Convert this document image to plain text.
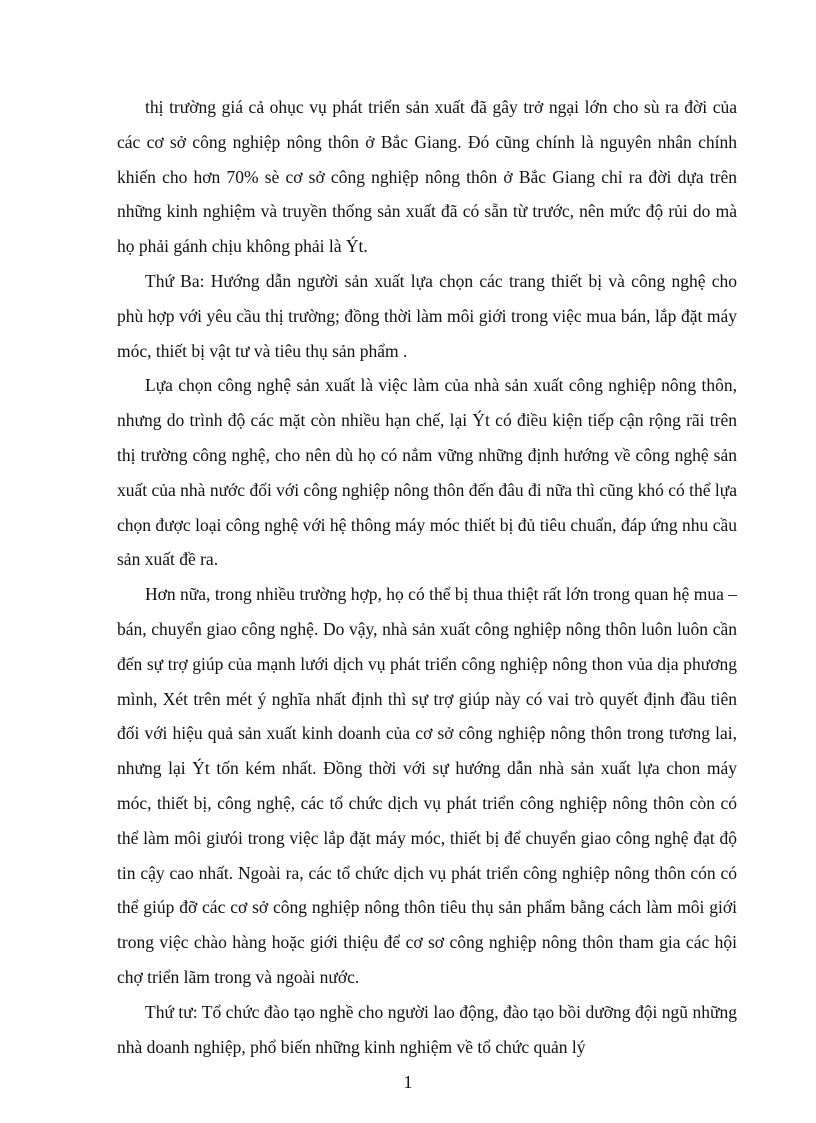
thị trường giá cả ohục vụ phát triển sản xuất đã gây trở ngại lớn cho sù ra đời của các cơ sở công nghiệp nông thôn ở Bắc Giang. Đó cũng chính là nguyên nhân chính khiến cho hơn 70% sè cơ sở công nghiệp nông thôn ở Bắc Giang chỉ ra đời dựa trên những kinh nghiệm và truyền thống sản xuất đã có sẵn từ trước, nên mức độ rủi do mà họ phải gánh chịu không phải là Ýt.

Thứ Ba: Hướng dẫn người sản xuất lựa chọn các trang thiết bị và công nghệ cho phù hợp với yêu cầu thị trường; đồng thời làm môi giới trong việc mua bán, lắp đặt máy móc, thiết bị vật tư và tiêu thụ sản phẩm .

Lựa chọn công nghệ sản xuất là việc làm của nhà sản xuất công nghiệp nông thôn, nhưng do trình độ các mặt còn nhiều hạn chế, lại Ýt có điều kiện tiếp cận rộng rãi trên thị trường công nghệ, cho nên dù họ có nắm vững những định hướng về công nghệ sản xuất của nhà nước đối với công nghiệp nông thôn đến đâu đi nữa thì cũng khó có thể lựa chọn được loại công nghệ với hệ thông máy móc thiết bị đủ tiêu chuẩn, đáp ứng nhu cầu sản xuất đề ra.

Hơn nữa, trong nhiều trường hợp, họ có thể bị thua thiệt rất lớn trong quan hệ mua – bán, chuyển giao công nghệ. Do vậy, nhà sản xuất công nghiệp nông thôn luôn luôn cần đến sự trợ giúp của mạnh lưới dịch vụ phát triển công nghiệp nông thon vủa dịa phương mình, Xét trên mét ý nghĩa nhất định thì sự trợ giúp này có vai trò quyết định đầu tiên đối với hiệu quả sản xuất kinh doanh của cơ sở công nghiệp nông thôn trong tương lai, nhưng lại Ýt tốn kém nhất. Đồng thời với sự hướng dẫn nhà sản xuất lựa chon máy móc, thiết bị, công nghệ, các tổ chức dịch vụ phát triển công nghiệp nông thôn còn có thể làm môi giưói trong việc lắp đặt máy móc, thiết bị để chuyển giao công nghệ đạt độ tin cậy cao nhất. Ngoài ra, các tổ chức dịch vụ phát triển công nghiệp nông thôn cón có thể giúp đỡ các cơ sở công nghiệp nông thôn tiêu thụ sản phẩm bằng cách làm môi giới trong việc chào hàng hoặc giới thiệu để cơ sơ công nghiệp nông thôn tham gia các hội chợ triển lãm trong và ngoài nước.

Thứ tư: Tổ chức đào tạo nghề cho người lao động, đào tạo bồi dưỡng đội ngũ những nhà doanh nghiệp, phổ biến những kinh nghiệm về tổ chức quản lý

1
